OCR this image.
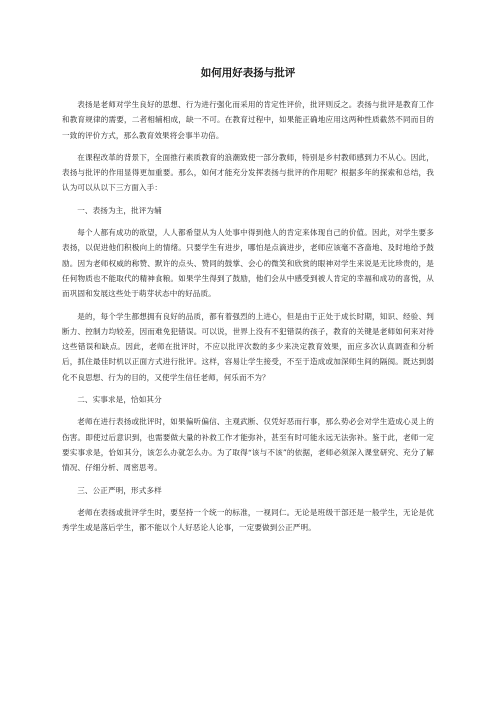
如何用好表扬与批评

表扬是老师对学生良好的思想、行为进行强化而采用的肯定性评价，批评则反之。表扬与批评是教育工作和教育规律的需要，二者相辅相成，缺一不可。在教育过程中，如果能正确地应用这两种性质截然不同而目的一致的评价方式，那么教育效果将会事半功倍。

在课程改革的背景下，全面推行素质教育的浪潮致使一部分教师，特别是乡村教师感到力不从心。因此，表扬与批评的作用显得更加重要。那么，如何才能充分发挥表扬与批评的作用呢？根据多年的探索和总结，我认为可以从以下三方面入手：

一、表扬为主，批评为辅

每个人都有成功的欲望，人人都希望从为人处事中得到他人的肯定来体现自己的价值。因此，对学生要多表扬，以促进他们积极向上的情绪。只要学生有进步，哪怕是点滴进步，老师应该毫不吝啬地、及时地给予鼓励。因为老师权威的称赞、默许的点头、赞同的鼓掌、会心的微笑和欣赏的眼神对学生来说是无比珍贵的，是任何物质也不能取代的精神食粮。如果学生得到了鼓励，他们会从中感受到被人肯定的幸福和成功的喜悦，从而巩固和发展这些处于萌芽状态中的好品质。

是的，每个学生都想拥有良好的品质，都有着强烈的上进心，但是由于正处于成长时期，知识、经验、判断力、控制力均较差，因而难免犯错误。可以说，世界上没有不犯错误的孩子，教育的关键是老师如何来对待这些错误和缺点。因此，老师在批评时，不应以批评次数的多少来决定教育效果，而应多次认真调查和分析后，抓住最佳时机以正面方式进行批评。这样，容易让学生接受，不至于造成或加深师生间的隔阂。既达到弱化不良思想、行为的目的，又使学生信任老师，何乐而不为？

二、实事求是，恰如其分

老师在进行表扬或批评时，如果偏听偏信、主观武断、仅凭好恶而行事，那么势必会对学生造成心灵上的伤害。即使过后意识到，也需要做大量的补救工作才能弥补，甚至有时可能永远无法弥补。鉴于此，老师一定要实事求是，恰如其分，该怎么办就怎么办。为了取得“该与不该”的依据，老师必须深入课堂研究、充分了解情况、仔细分析、周密思考。

三、公正严明，形式多样

老师在表扬或批评学生时，要坚持一个统一的标准，一视同仁。无论是班级干部还是一般学生，无论是优秀学生或是落后学生，都不能以个人好恶论人论事，一定要做到公正严明。
